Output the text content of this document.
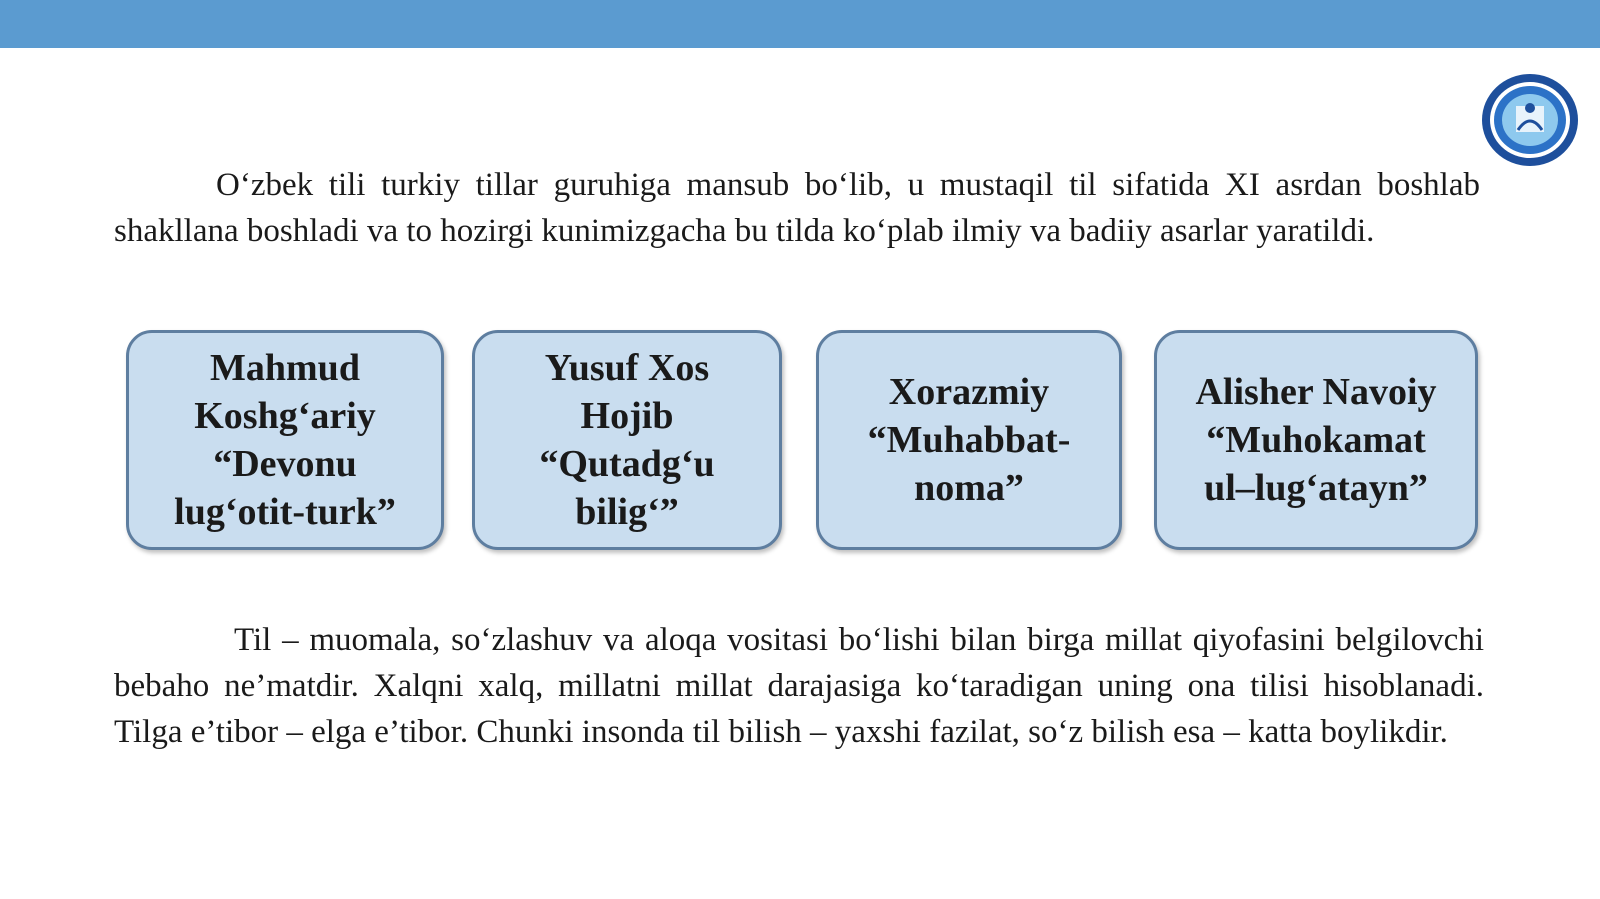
O‘zbek tili turkiy tillar guruhiga mansub bo‘lib, u mustaqil til sifatida XI asrdan boshlab shakllana boshladi va to hozirgi kunimizgacha bu tilda ko‘plab ilmiy va badiiy asarlar yaratildi.

Mahmud
Koshg‘ariy
“Devonu
lug‘otit-turk”
Yusuf Xos
Hojib
“Qutadg‘u
bilig‘”
Xorazmiy
“Muhabbat-
noma”
Alisher Navoiy
“Muhokamat
ul–lug‘atayn”

Til – muomala, so‘zlashuv va aloqa vositasi bo‘lishi bilan birga millat qiyofasini belgilovchi bebaho ne’matdir. Xalqni xalq, millatni millat darajasiga ko‘taradigan uning ona tilisi hisoblanadi. Tilga e’tibor – elga e’tibor. Chunki insonda til bilish – yaxshi fazilat, so‘z bilish esa – katta boylikdir.
